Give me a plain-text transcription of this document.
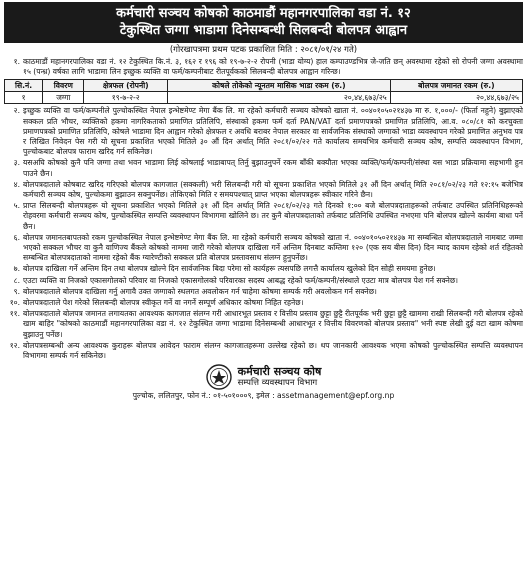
कर्मचारी सञ्चय कोषको काठमाडौं महानगरपालिका वडा नं. १२
टेकुस्थित जग्गा भाडामा दिनेसम्बन्धी सिलबन्दी बोलपत्र आह्वान
(गोरखापत्रमा प्रथम पटक प्रकाशित मिति : २०८१/०१/२४ गते)
१. काठमाडौं महानगरपालिका वडा नं. १२ टेकुस्थित कि.नं. ३, १६२ र १९६ को १९-७-२-२ रोपनी (भाडा योग्य) हाल कम्पाउण्डभित्र जे-जति छन् अवस्थामा रहेको सो रोपनी जग्गा अवस्थामा १५ (पन्ध्र) वर्षका लागि भाडामा लिन इच्छुक व्यक्ति वा फर्म/कम्पनीबाट रीतपूर्वकको सिलबन्दी बोलपत्र आह्वान गरिन्छ।
सि.नं.	विवरण	क्षेत्रफल (रोपनी)	कोषले तोकेको न्यूनतम मासिक भाडा रकम (रु.)	बोलपत्र जमानत रकम (रु.)
१	जग्गा	१९-७-२-२	२०,४४,६७३/२५	२०,४४,६७३/२५
२. इच्छुक व्यक्ति वा फर्म/कम्पनीले पुल्चोकस्थित नेपाल इन्भेष्टमेण्ट मेगा बैंक लि. मा रहेको कर्मचारी सञ्चय कोषको खाता नं. ००४०१०५०२१४३७ मा रु. १,०००/- (फिर्ता नहुने) बुझाएको सक्कल प्रति भौचर, व्यक्तिको हकमा नागरिकताको प्रमाणित प्रतिलिपि, संस्थाको हकमा फर्म दर्ता PAN/VAT दर्ता प्रमाणपत्रको प्रमाणित प्रतिलिपि, आ.व. ०८०/८१ को करचुक्ता प्रमाणपत्रको प्रमाणित प्रतिलिपि, कोषले भाडामा दिन आह्वान गरेको क्षेत्रफल र अवधि बराबर नेपाल सरकार वा सार्वजनिक संस्थाको जग्गाको भाडा व्यवस्थापन गरेको प्रमाणित अनुभव पत्र र लिखित निवेदन पेस गरी यो सूचना प्रकाशित भएको मितिले ३० औं दिन अर्थात् मिति २०८१/०२/२२ गते कार्यालय समयभित्र कर्मचारी सञ्चय कोष, सम्पत्ति व्यवस्थापन विभाग, पुल्चोकबाट बोलपत्र फाराम खरिद गर्न सकिनेछ।
३. यसअघि कोषको कुनै पनि जग्गा तथा भवन भाडामा लिई कोषलाई भाडाबापत् तिर्नु बुझाउनुपर्ने रकम बाँकी बक्यौता भएका व्यक्ति/फर्म/कम्पनी/संस्था यस भाडा प्रक्रियामा सहभागी हुन पाउने छैन।
४. बोलपत्रदाताले कोषबाट खरिद गरिएको बोलपत्र कागजात (सक्कली) भरी सिलबन्दी गरी यो सूचना प्रकाशित भएको मितिले ३१ औं दिन अर्थात् मिति २०८१/०२/२३ गते १२:१५ बजेभित्र कर्मचारी सञ्चय कोष, पुल्चोकमा बुझाउन सक्नुपर्नेछ। तोकिएको मिति र समयपश्चात् प्राप्त भएका बोलपत्रहरू स्वीकार गरिने छैन।
५. प्राप्त सिलबन्दी बोलपत्रहरू यो सूचना प्रकाशित भएको मितिले ३१ औं दिन अर्थात् मिति २०८१/०२/२३ गते दिनको १:०० बजे बोलपत्रदाताहरूको तर्फबाट उपस्थित प्रतिनिधिहरूको रोहवरमा कर्मचारी सञ्चय कोष, पुल्चोकस्थित सम्पत्ति व्यवस्थापन विभागमा खोलिने छ। तर कुनै बोलपत्रदाताको तर्फबाट प्रतिनिधि उपस्थित नभएमा पनि बोलपत्र खोल्ने कार्यमा बाधा पर्ने छैन।
६. बोलपत्र जमानतबापतको रकम पुल्चोकस्थित नेपाल इन्भेष्टमेण्ट मेगा बैंक लि. मा रहेको कर्मचारी सञ्चय कोषको खाता नं. ००४०१०५०२१४३७ मा सम्बन्धित बोलपत्रदाताले नामबाट जम्मा भएको सक्कल भौचर वा कुनै वाणिज्य बैंकले कोषको नाममा जारी गरेको बोलपत्र दाखिला गर्ने अन्तिम दिनबाट कम्तिमा १२० (एक सय बीस दिन) दिन म्याद कायम रहेको शर्त रहितको सम्बन्धित बोलपत्रदाताको नाममा रहेको बैंक ग्यारेण्टीको सक्कल प्रति बोलपत्र प्रस्तावसाथ संलग्न हुनुपर्नेछ।
७. बोलपत्र दाखिला गर्ने अन्तिम दिन तथा बोलपत्र खोल्ने दिन सार्वजनिक बिदा परेमा सो कार्यहरू त्यसपछि लगत्तै कार्यालय खुलेको दिन सोही समयमा हुनेछ।
८. एउटा व्यक्ति वा निजको एकासगोलको परिवार वा निजको एकासगोलको परिवारका सदस्य आबद्ध रहेको फर्म/कम्पनी/संस्थाले एउटा मात्र बोलपत्र पेश गर्न सक्नेछ।
९. बोलपत्रदाताले बोलपत्र दाखिला गर्नु अगावै उक्त जग्गाको स्थलगत अवलोकन गर्न चाहेमा कोषमा सम्पर्क गरी अवलोकन गर्न सक्नेछ।
१०. बोलपत्रदाताले पेश गरेको सिलबन्दी बोलपत्र स्वीकृत गर्ने वा नगर्ने सम्पूर्ण अधिकार कोषमा निहित रहनेछ।
११. बोलपत्रदाताले बोलपत्र जमानत लगायतका आवश्यक कागजात संलग्न गरी आधारभूत प्रस्ताव र वित्तीय प्रस्ताव छुट्टा छुट्टै रीतपूर्वक भरी छुट्टा छुट्टै खाममा राखी सिलबन्दी गरी बोलपत्र रहेको खाम बाहिर "कोषको काठमाडौं महानगरपालिका वडा नं. १२ टेकुस्थित जग्गा भाडामा दिनेसम्बन्धी आधारभूत र वित्तीय विवरणको बोलपत्र प्रस्ताव" भनी स्पष्ट लेखी दुई वटा खाम कोषमा बुझाउनु पर्नेछ।
१२. बोलपत्रसम्बन्धी अन्य आवश्यक कुराहरू बोलपत्र आवेदन फाराम संलग्न कागजातहरूमा उल्लेख रहेको छ। थप जानकारी आवश्यक भएमा कोषको पुल्चोकस्थित सम्पत्ति व्यवस्थापन विभागमा सम्पर्क गर्न सकिनेछ।
कर्मचारी सञ्चय कोष
सम्पत्ति व्यवस्थापन विभाग
पुल्चोक, ललितपुर, फोन नं.: ०१-५०१०००९, इमेल : assetmanagement@epf.org.np
